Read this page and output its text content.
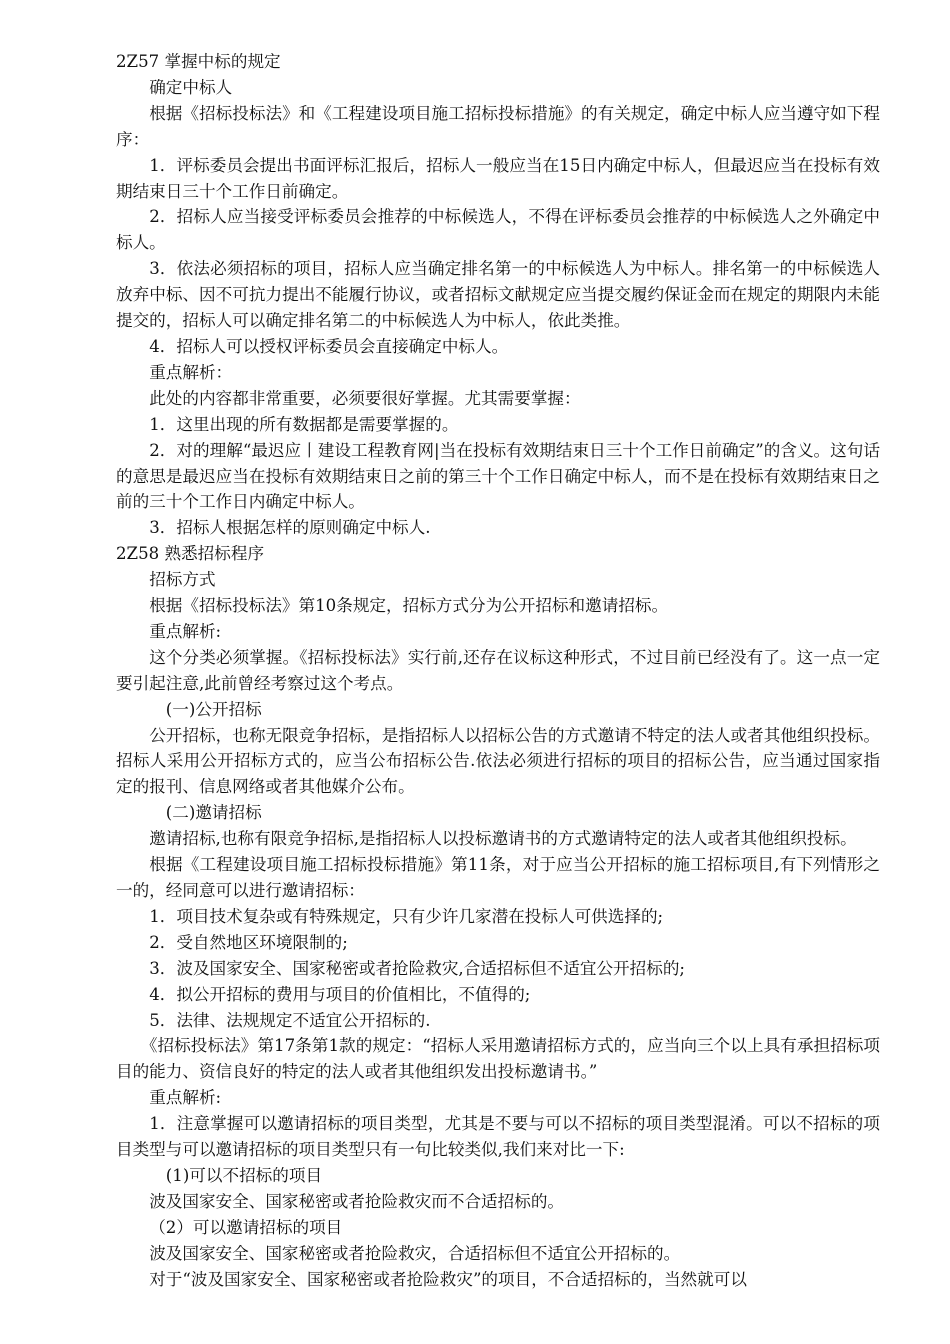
2Z57 掌握中标的规定

确定中标人

根据《招标投标法》和《工程建设项目施工招标投标措施》的有关规定，确定中标人应当遵守如下程序：

1．评标委员会提出书面评标汇报后，招标人一般应当在15日内确定中标人，但最迟应当在投标有效期结束日三十个工作日前确定。

2．招标人应当接受评标委员会推荐的中标候选人，不得在评标委员会推荐的中标候选人之外确定中标人。

3．依法必须招标的项目，招标人应当确定排名第一的中标候选人为中标人。排名第一的中标候选人放弃中标、因不可抗力提出不能履行协议，或者招标文献规定应当提交履约保证金而在规定的期限内未能提交的，招标人可以确定排名第二的中标候选人为中标人，依此类推。

4．招标人可以授权评标委员会直接确定中标人。

重点解析：

此处的内容都非常重要，必须要很好掌握。尤其需要掌握：

1．这里出现的所有数据都是需要掌握的。

2．对的理解“最迟应丨建设工程教育网|当在投标有效期结束日三十个工作日前确定”的含义。这句话的意思是最迟应当在投标有效期结束日之前的第三十个工作日确定中标人，而不是在投标有效期结束日之前的三十个工作日内确定中标人。

3．招标人根据怎样的原则确定中标人.

2Z58 熟悉招标程序

招标方式

根据《招标投标法》第10条规定，招标方式分为公开招标和邀请招标。

重点解析:

这个分类必须掌握。《招标投标法》实行前,还存在议标这种形式，不过目前已经没有了。这一点一定要引起注意,此前曾经考察过这个考点。

(一)公开招标

公开招标，也称无限竞争招标，是指招标人以招标公告的方式邀请不特定的法人或者其他组织投标。招标人采用公开招标方式的，应当公布招标公告.依法必须进行招标的项目的招标公告，应当通过国家指定的报刊、信息网络或者其他媒介公布。

(二)邀请招标

邀请招标,也称有限竞争招标,是指招标人以投标邀请书的方式邀请特定的法人或者其他组织投标。

根据《工程建设项目施工招标投标措施》第11条，对于应当公开招标的施工招标项目,有下列情形之一的，经同意可以进行邀请招标：

1．项目技术复杂或有特殊规定，只有少许几家潜在投标人可供选择的;

2．受自然地区环境限制的;

3．波及国家安全、国家秘密或者抢险救灾,合适招标但不适宜公开招标的;

4．拟公开招标的费用与项目的价值相比，不值得的;

5．法律、法规规定不适宜公开招标的.

《招标投标法》第17条第1款的规定：“招标人采用邀请招标方式的，应当向三个以上具有承担招标项目的能力、资信良好的特定的法人或者其他组织发出投标邀请书。”

重点解析:

1．注意掌握可以邀请招标的项目类型，尤其是不要与可以不招标的项目类型混淆。可以不招标的项目类型与可以邀请招标的项目类型只有一句比较类似,我们来对比一下:

(1)可以不招标的项目

波及国家安全、国家秘密或者抢险救灾而不合适招标的。

（2）可以邀请招标的项目

波及国家安全、国家秘密或者抢险救灾，合适招标但不适宜公开招标的。

对于“波及国家安全、国家秘密或者抢险救灾”的项目，不合适招标的，当然就可以
